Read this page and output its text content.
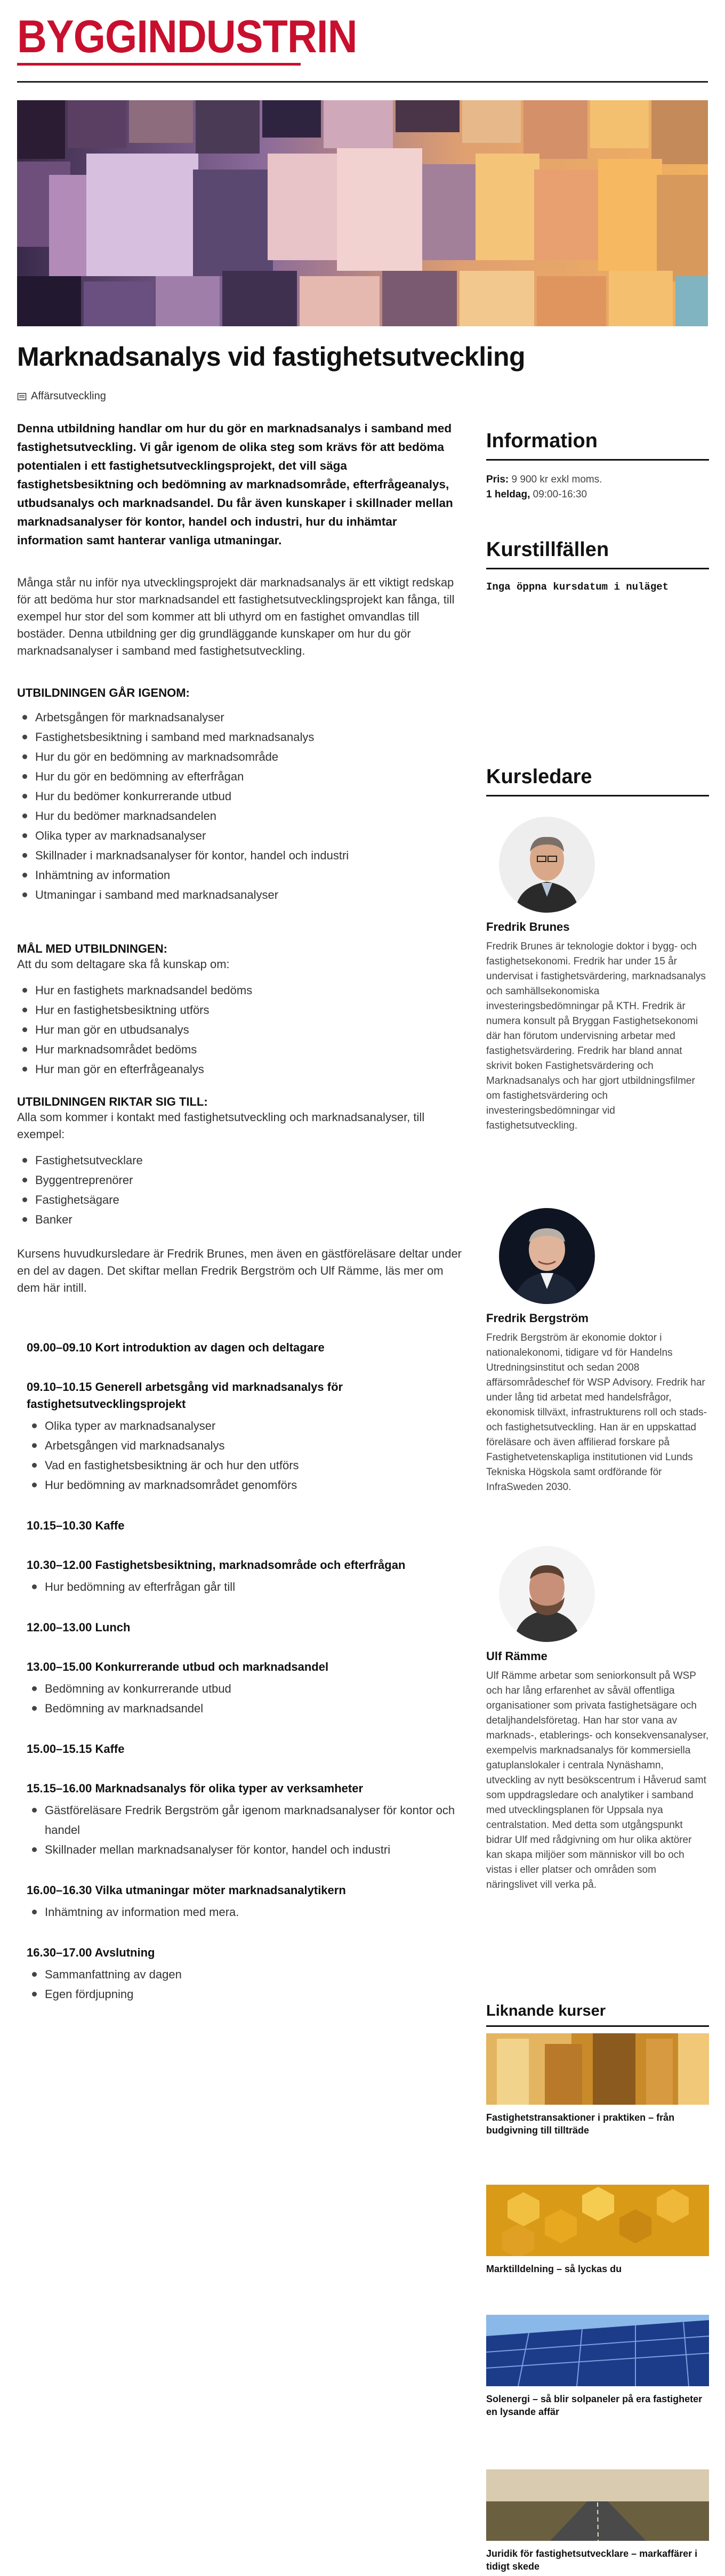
BYGGINDUSTRIN
Marknadsanalys vid fastighetsutveckling
Affärsutveckling

Denna utbildning handlar om hur du gör en marknadsanalys i samband med fastighetsutveckling. Vi går igenom de olika steg som krävs för att bedöma potentialen i ett fastighetsutvecklingsprojekt, det vill säga fastighetsbesiktning och bedömning av marknadsområde, efterfrågeanalys, utbudsanalys och marknadsandel. Du får även kunskaper i skillnader mellan marknadsanalyser för kontor, handel och industri, hur du inhämtar information samt hanterar vanliga utmaningar.

Många står nu inför nya utvecklingsprojekt där marknadsanalys är ett viktigt redskap för att bedöma hur stor marknadsandel ett fastighetsutvecklingsprojekt kan fånga, till exempel hur stor del som kommer att bli uthyrd om en fastighet omvandlas till bostäder. Denna utbildning ger dig grundläggande kunskaper om hur du gör marknadsanalyser i samband med fastighetsutveckling.

UTBILDNINGEN GÅR IGENOM:
Arbetsgången för marknadsanalyser
Fastighetsbesiktning i samband med marknadsanalys
Hur du gör en bedömning av marknadsområde
Hur du gör en bedömning av efterfrågan
Hur du bedömer konkurrerande utbud
Hur du bedömer marknadsandelen
Olika typer av marknadsanalyser
Skillnader i marknadsanalyser för kontor, handel och industri
Inhämtning av information
Utmaningar i samband med marknadsanalyser
MÅL MED UTBILDNINGEN:

Att du som deltagare ska få kunskap om:

Hur en fastighets marknadsandel bedöms
Hur en fastighetsbesiktning utförs
Hur man gör en utbudsanalys
Hur marknadsområdet bedöms
Hur man gör en efterfrågeanalys
UTBILDNINGEN RIKTAR SIG TILL:

Alla som kommer i kontakt med fastighetsutveckling och marknadsanalyser, till exempel:

Fastighetsutvecklare
Byggentreprenörer
Fastighetsägare
Banker

Kursens huvudkursledare är Fredrik Brunes, men även en gästföreläsare deltar under en del av dagen. Det skiftar mellan Fredrik Bergström och Ulf Rämme, läs mer om dem här intill.

09.00–09.10 Kort introduktion av dagen och deltagare
09.10–10.15 Generell arbetsgång vid marknadsanalys för fastighetsutvecklingsprojekt
Olika typer av marknadsanalyser
Arbetsgången vid marknadsanalys
Vad en fastighetsbesiktning är och hur den utförs
Hur bedömning av marknadsområdet genomförs
10.15–10.30 Kaffe
10.30–12.00 Fastighetsbesiktning, marknadsområde och efterfrågan
Hur bedömning av efterfrågan går till
12.00–13.00 Lunch
13.00–15.00 Konkurrerande utbud och marknadsandel
Bedömning av konkurrerande utbud
Bedömning av marknadsandel
15.00–15.15 Kaffe
15.15–16.00 Marknadsanalys för olika typer av verksamheter
Gästföreläsare Fredrik Bergström går igenom marknadsanalyser för kontor och handel
Skillnader mellan marknadsanalyser för kontor, handel och industri
16.00–16.30 Vilka utmaningar möter marknadsanalytikern
Inhämtning av information med mera.
16.30–17.00 Avslutning
Sammanfattning av dagen
Egen fördjupning
Information
Pris: 9 900 kr exkl moms.
1 heldag, 09:00-16:30
Kurstillfällen
Inga öppna kursdatum i nuläget
Kursledare
Fredrik Brunes
Fredrik Brunes är teknologie doktor i bygg- och fastighetsekonomi. Fredrik har under 15 år undervisat i fastighetsvärdering, marknadsanalys och samhällsekonomiska investeringsbedömningar på KTH. Fredrik är numera konsult på Bryggan Fastighetsekonomi där han förutom undervisning arbetar med fastighetsvärdering. Fredrik har bland annat skrivit boken Fastighetsvärdering och Marknadsanalys och har gjort utbildningsfilmer om fastighetsvärdering och investeringsbedömningar vid fastighetsutveckling.
Fredrik Bergström
Fredrik Bergström är ekonomie doktor i nationalekonomi, tidigare vd för Handelns Utredningsinstitut och sedan 2008 affärsområdeschef för WSP Advisory. Fredrik har under lång tid arbetat med handelsfrågor, ekonomisk tillväxt, infrastrukturens roll och stads- och fastighetsutveckling. Han är en uppskattad föreläsare och även affilierad forskare på Fastighetvetenskapliga institutionen vid Lunds Tekniska Högskola samt ordförande för InfraSweden 2030.
Ulf Rämme
Ulf Rämme arbetar som seniorkonsult på WSP och har lång erfarenhet av såväl offentliga organisationer som privata fastighetsägare och detaljhandelsföretag. Han har stor vana av marknads-, etablerings- och konsekvensanalyser, exempelvis marknadsanalys för kommersiella gatuplanslokaler i centrala Nynäshamn, utveckling av nytt besökscentrum i Håverud samt som uppdragsledare och analytiker i samband med utvecklingsplanen för Uppsala nya centralstation. Med detta som utgångspunkt bidrar Ulf med rådgivning om hur olika aktörer kan skapa miljöer som människor vill bo och vistas i eller platser och områden som näringslivet vill verka på.
Liknande kurser
Fastighetstransaktioner i praktiken – från budgivning till tillträde
Marktilldelning – så lyckas du
Solenergi – så blir solpaneler på era fastigheter en lysande affär
Juridik för fastighetsutvecklare – markaffärer i tidigt skede
